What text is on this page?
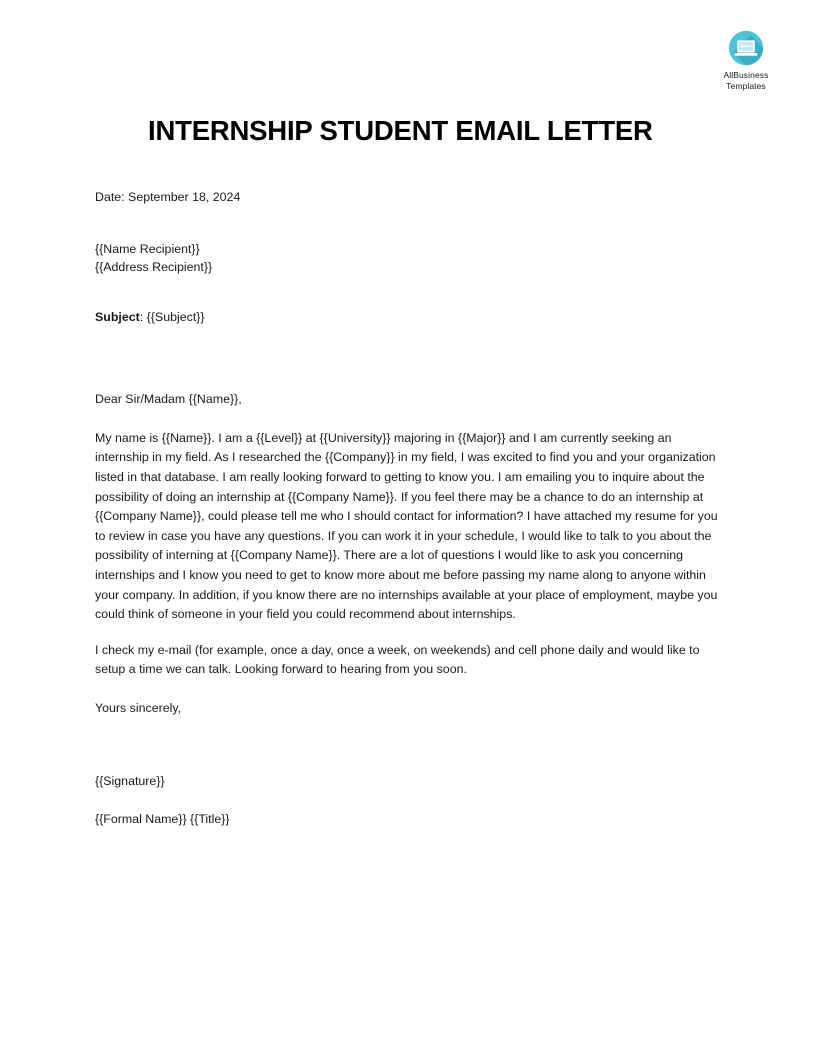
AllBusiness
Templates
INTERNSHIP STUDENT EMAIL LETTER
Date: September 18, 2024
{{Name Recipient}}
{{Address Recipient}}
Subject: {{Subject}}
Dear Sir/Madam {{Name}},

My name is {{Name}}. I am a {{Level}} at {{University}} majoring in {{Major}} and I am currently seeking an internship in my field. As I researched the {{Company}} in my field, I was excited to find you and your organization listed in that database. I am really looking forward to getting to know you. I am emailing you to inquire about the possibility of doing an internship at {{Company Name}}. If you feel there may be a chance to do an internship at {{Company Name}}, could please tell me who I should contact for information? I have attached my resume for you to review in case you have any questions. If you can work it in your schedule, I would like to talk to you about the possibility of interning at {{Company Name}}. There are a lot of questions I would like to ask you concerning internships and I know you need to get to know more about me before passing my name along to anyone within your company. In addition, if you know there are no internships available at your place of employment, maybe you could think of someone in your field you could recommend about internships.

I check my e-mail (for example, once a day, once a week, on weekends) and cell phone daily and would like to setup a time we can talk. Looking forward to hearing from you soon.

Yours sincerely,
{{Signature}}
{{Formal Name}} {{Title}}
